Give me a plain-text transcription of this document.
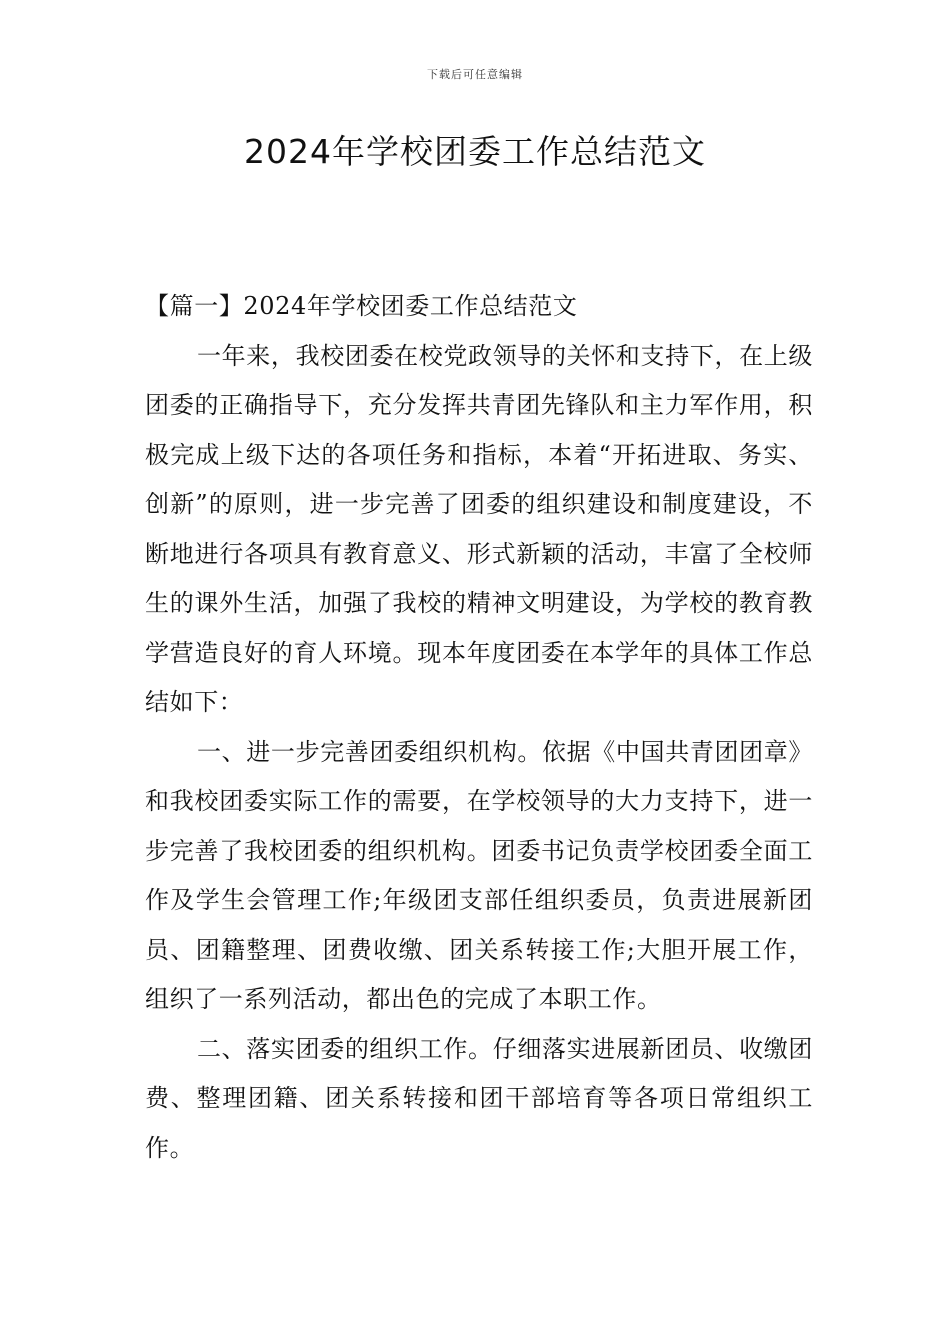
下载后可任意编辑
2024年学校团委工作总结范文

【篇一】2024年学校团委工作总结范文

一年来，我校团委在校党政领导的关怀和支持下，在上级团委的正确指导下，充分发挥共青团先锋队和主力军作用，积极完成上级下达的各项任务和指标，本着“开拓进取、务实、创新”的原则，进一步完善了团委的组织建设和制度建设，不断地进行各项具有教育意义、形式新颖的活动，丰富了全校师生的课外生活，加强了我校的精神文明建设，为学校的教育教学营造良好的育人环境。现本年度团委在本学年的具体工作总结如下：

一、进一步完善团委组织机构。依据《中国共青团团章》和我校团委实际工作的需要，在学校领导的大力支持下，进一步完善了我校团委的组织机构。团委书记负责学校团委全面工作及学生会管理工作;年级团支部任组织委员，负责进展新团员、团籍整理、团费收缴、团关系转接工作;大胆开展工作，组织了一系列活动，都出色的完成了本职工作。

二、落实团委的组织工作。仔细落实进展新团员、收缴团费、整理团籍、团关系转接和团干部培育等各项日常组织工作。
